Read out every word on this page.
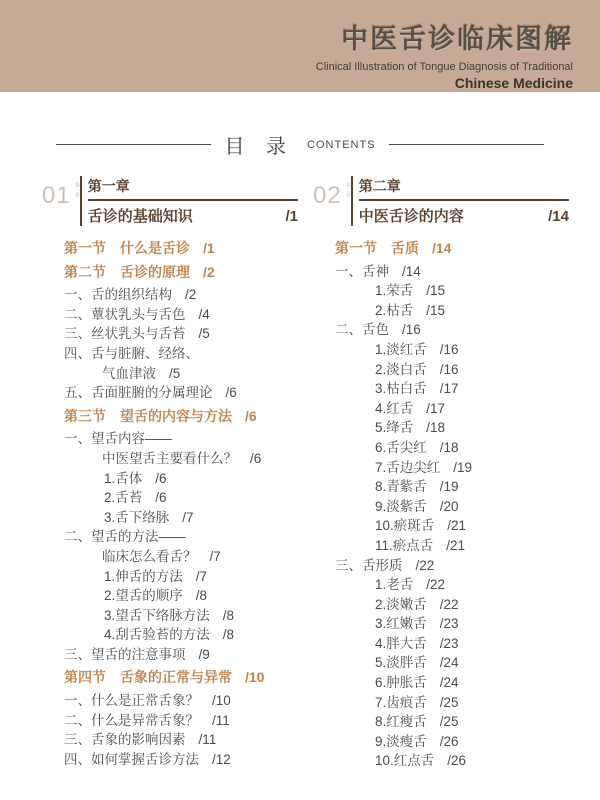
中医舌诊临床图解
Clinical Illustration of Tongue Diagnosis of Traditional
Chinese Medicine
目 录 CONTENTS
01 第一章 第一章
舌诊的基础知识	/1
第一节　什么是舌诊 /1
第二节　舌诊的原理 /2
一、舌的组织结构 /2
二、蕈状乳头与舌色 /4
三、丝状乳头与舌苔 /5
四、舌与脏腑、经络、
气血津液 /5
五、舌面脏腑的分属理论 /6
第三节　望舌的内容与方法 /6
一、望舌内容——
中医望舌主要看什么？ /6
1.舌体 /6
2.舌苔 /6
3.舌下络脉 /7
二、望舌的方法——
临床怎么看舌？ /7
1.伸舌的方法 /7
2.望舌的顺序 /8
3.望舌下络脉方法 /8
4.刮舌验苔的方法 /8
三、望舌的注意事项 /9
第四节　舌象的正常与异常 /10
一、什么是正常舌象？ /10
二、什么是异常舌象？ /11
三、舌象的影响因素 /11
四、如何掌握舌诊方法 /12
02 第二章 第二章
中医舌诊的内容	/14
第一节　舌质 /14
一、舌神 /14
1.荣舌 /15
2.枯舌 /15
二、舌色 /16
1.淡红舌 /16
2.淡白舌 /16
3.枯白舌 /17
4.红舌 /17
5.绛舌 /18
6.舌尖红 /18
7.舌边尖红 /19
8.青紫舌 /19
9.淡紫舌 /20
10.瘀斑舌 /21
11.瘀点舌 /21
三、舌形质 /22
1.老舌 /22
2.淡嫩舌 /22
3.红嫩舌 /23
4.胖大舌 /23
5.淡胖舌 /24
6.肿胀舌 /24
7.齿痕舌 /25
8.红瘦舌 /25
9.淡瘦舌 /26
10.红点舌 /26
